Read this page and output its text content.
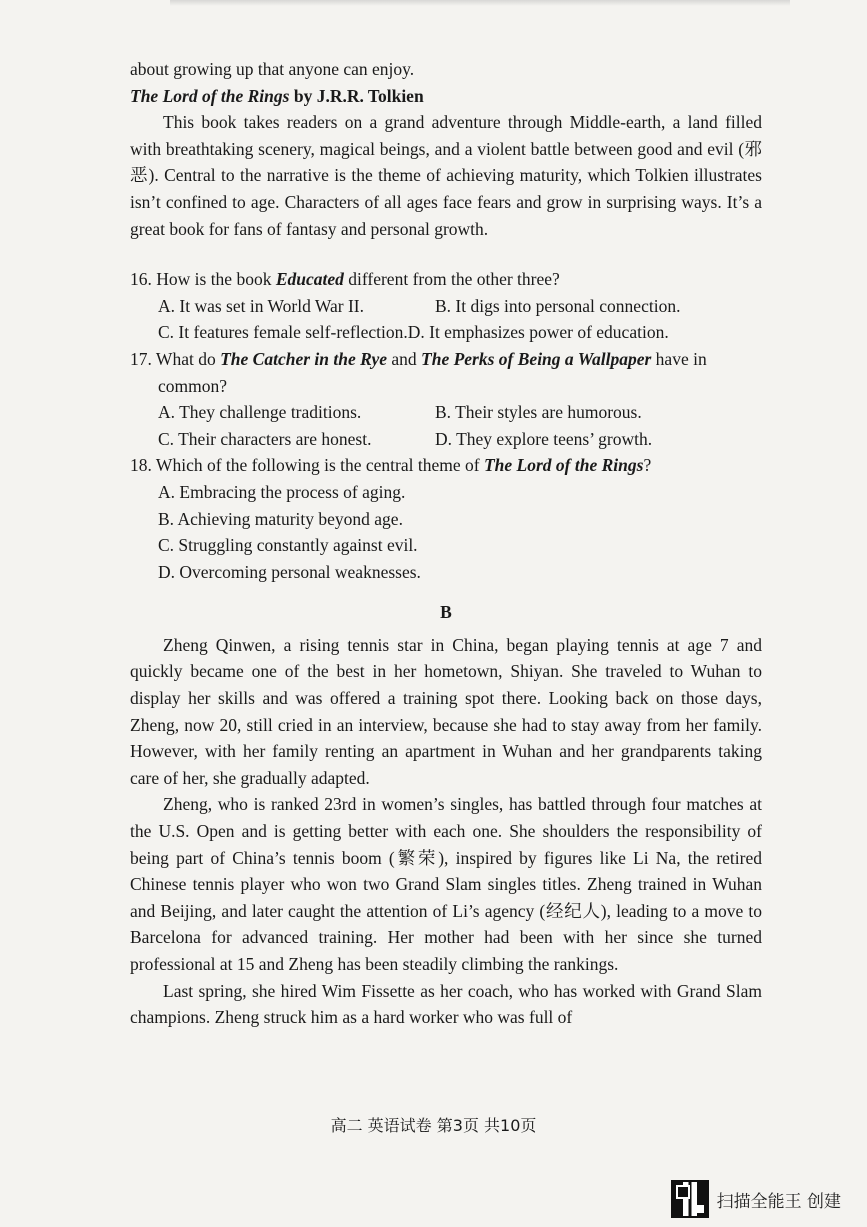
about growing up that anyone can enjoy.

The Lord of the Rings by J.R.R. Tolkien

This book takes readers on a grand adventure through Middle-earth, a land filled with breathtaking scenery, magical beings, and a violent battle between good and evil (邪恶). Central to the narrative is the theme of achieving maturity, which Tolkien illustrates isn’t confined to age. Characters of all ages face fears and grow in surprising ways. It’s a great book for fans of fantasy and personal growth.

16. How is the book Educated different from the other three?

A. It was set in World War II.	B. It digs into personal connection.
C. It features female self-reflection. D. It emphasizes power of education.

17. What do The Catcher in the Rye and The Perks of Being a Wallpaper have in common?

A. They challenge traditions.	B. Their styles are humorous.
C. Their characters are honest.	D. They explore teens’ growth.

18. Which of the following is the central theme of The Lord of the Rings?

A. Embracing the process of aging.

B. Achieving maturity beyond age.

C. Struggling constantly against evil.

D. Overcoming personal weaknesses.

B

Zheng Qinwen, a rising tennis star in China, began playing tennis at age 7 and quickly became one of the best in her hometown, Shiyan. She traveled to Wuhan to display her skills and was offered a training spot there. Looking back on those days, Zheng, now 20, still cried in an interview, because she had to stay away from her family. However, with her family renting an apartment in Wuhan and her grandparents taking care of her, she gradually adapted.

Zheng, who is ranked 23rd in women’s singles, has battled through four matches at the U.S. Open and is getting better with each one. She shoulders the responsibility of being part of China’s tennis boom (繁荣), inspired by figures like Li Na, the retired Chinese tennis player who won two Grand Slam singles titles. Zheng trained in Wuhan and Beijing, and later caught the attention of Li’s agency (经纪人), leading to a move to Barcelona for advanced training. Her mother had been with her since she turned professional at 15 and Zheng has been steadily climbing the rankings.

Last spring, she hired Wim Fissette as her coach, who has worked with Grand Slam champions. Zheng struck him as a hard worker who was full of

高二 英语试卷 第3页 共10页
扫描全能王 创建
